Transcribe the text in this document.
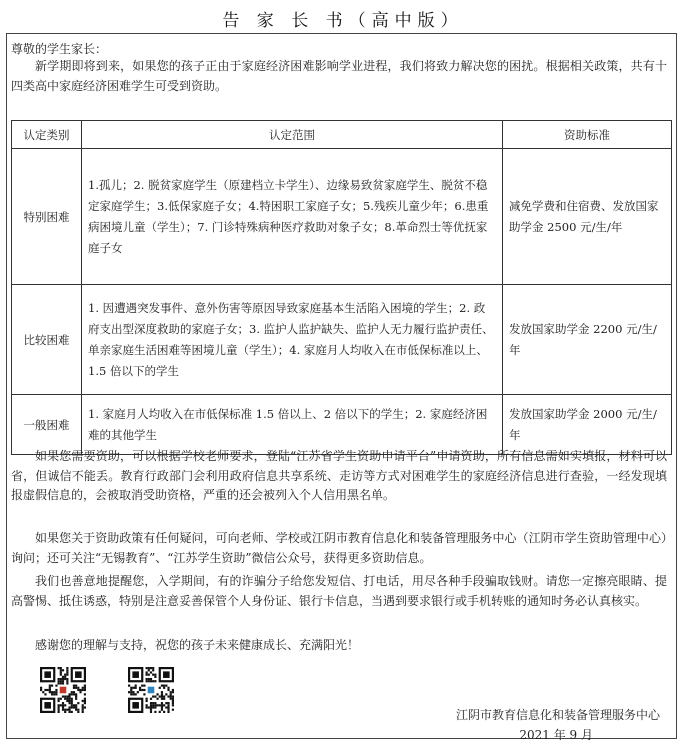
告 家 长 书（高中版）
尊敬的学生家长：
新学期即将到来，如果您的孩子正由于家庭经济困难影响学业进程，我们将致力解决您的困扰。根据相关政策，共有十四类高中家庭经济困难学生可受到资助。
认定类别	认定范围	资助标准
特别困难	1.孤儿；2. 脱贫家庭学生（原建档立卡学生）、边缘易致贫家庭学生、脱贫不稳定家庭学生；3.低保家庭子女；4.特困职工家庭子女；5.残疾儿童少年；6.患重病困境儿童（学生）；7. 门诊特殊病种医疗救助对象子女；8.革命烈士等优抚家庭子女	减免学费和住宿费、发放国家助学金 2500 元/生/年
比较困难	1. 因遭遇突发事件、意外伤害等原因导致家庭基本生活陷入困境的学生；2. 政府支出型深度救助的家庭子女；3. 监护人监护缺失、监护人无力履行监护责任、单亲家庭生活困难等困境儿童（学生）；4. 家庭月人均收入在市低保标准以上、1.5 倍以下的学生	发放国家助学金 2200 元/生/年
一般困难	1. 家庭月人均收入在市低保标准 1.5 倍以上、2 倍以下的学生；2. 家庭经济困难的其他学生	发放国家助学金 2000 元/生/年
如果您需要资助，可以根据学校老师要求，登陆“江苏省学生资助申请平台”申请资助，所有信息需如实填报，材料可以省，但诚信不能丢。教育行政部门会利用政府信息共享系统、走访等方式对困难学生的家庭经济信息进行查验，一经发现填报虚假信息的，会被取消受助资格，严重的还会被列入个人信用黑名单。
如果您关于资助政策有任何疑问，可向老师、学校或江阴市教育信息化和装备管理服务中心（江阴市学生资助管理中心）询问；还可关注“无锡教育”、“江苏学生资助”微信公众号，获得更多资助信息。
我们也善意地提醒您，入学期间，有的诈骗分子给您发短信、打电话，用尽各种手段骗取钱财。请您一定擦亮眼睛、提高警惕、抵住诱惑，特别是注意妥善保管个人身份证、银行卡信息，当遇到要求银行或手机转账的通知时务必认真核实。
感谢您的理解与支持，祝您的孩子未来健康成长、充满阳光！
江阴市教育信息化和装备管理服务中心
2021 年 9 月
